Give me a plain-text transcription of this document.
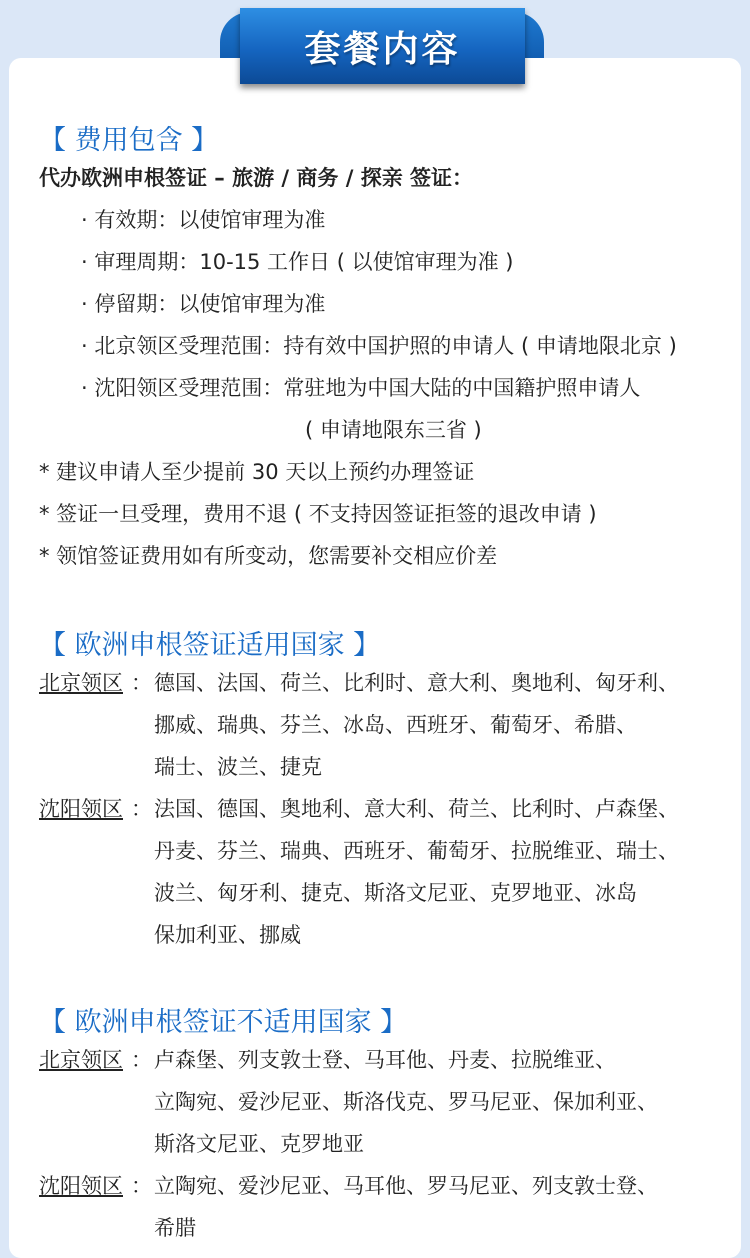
套餐内容
【 费用包含 】
代办欧洲申根签证 – 旅游 / 商务 / 探亲 签证：
· 有效期：以使馆审理为准
· 审理周期：10-15 工作日 ( 以使馆审理为准 )
· 停留期：以使馆审理为准
· 北京领区受理范围：持有效中国护照的申请人 ( 申请地限北京 )
· 沈阳领区受理范围：常驻地为中国大陆的中国籍护照申请人
( 申请地限东三省 )
* 建议申请人至少提前 30 天以上预约办理签证
* 签证一旦受理，费用不退 ( 不支持因签证拒签的退改申请 )
* 领馆签证费用如有所变动，您需要补交相应价差
【 欧洲申根签证适用国家 】
北京领区 ： 德国、法国、荷兰、比利时、意大利、奥地利、匈牙利、
挪威、瑞典、芬兰、冰岛、西班牙、葡萄牙、希腊、
瑞士、波兰、捷克
沈阳领区 ： 法国、德国、奥地利、意大利、荷兰、比利时、卢森堡、
丹麦、芬兰、瑞典、西班牙、葡萄牙、拉脱维亚、瑞士、
波兰、匈牙利、捷克、斯洛文尼亚、克罗地亚、冰岛
保加利亚、挪威
【 欧洲申根签证不适用国家 】
北京领区 ： 卢森堡、列支敦士登、马耳他、丹麦、拉脱维亚、
立陶宛、爱沙尼亚、斯洛伐克、罗马尼亚、保加利亚、
斯洛文尼亚、克罗地亚
沈阳领区 ： 立陶宛、爱沙尼亚、马耳他、罗马尼亚、列支敦士登、
希腊
